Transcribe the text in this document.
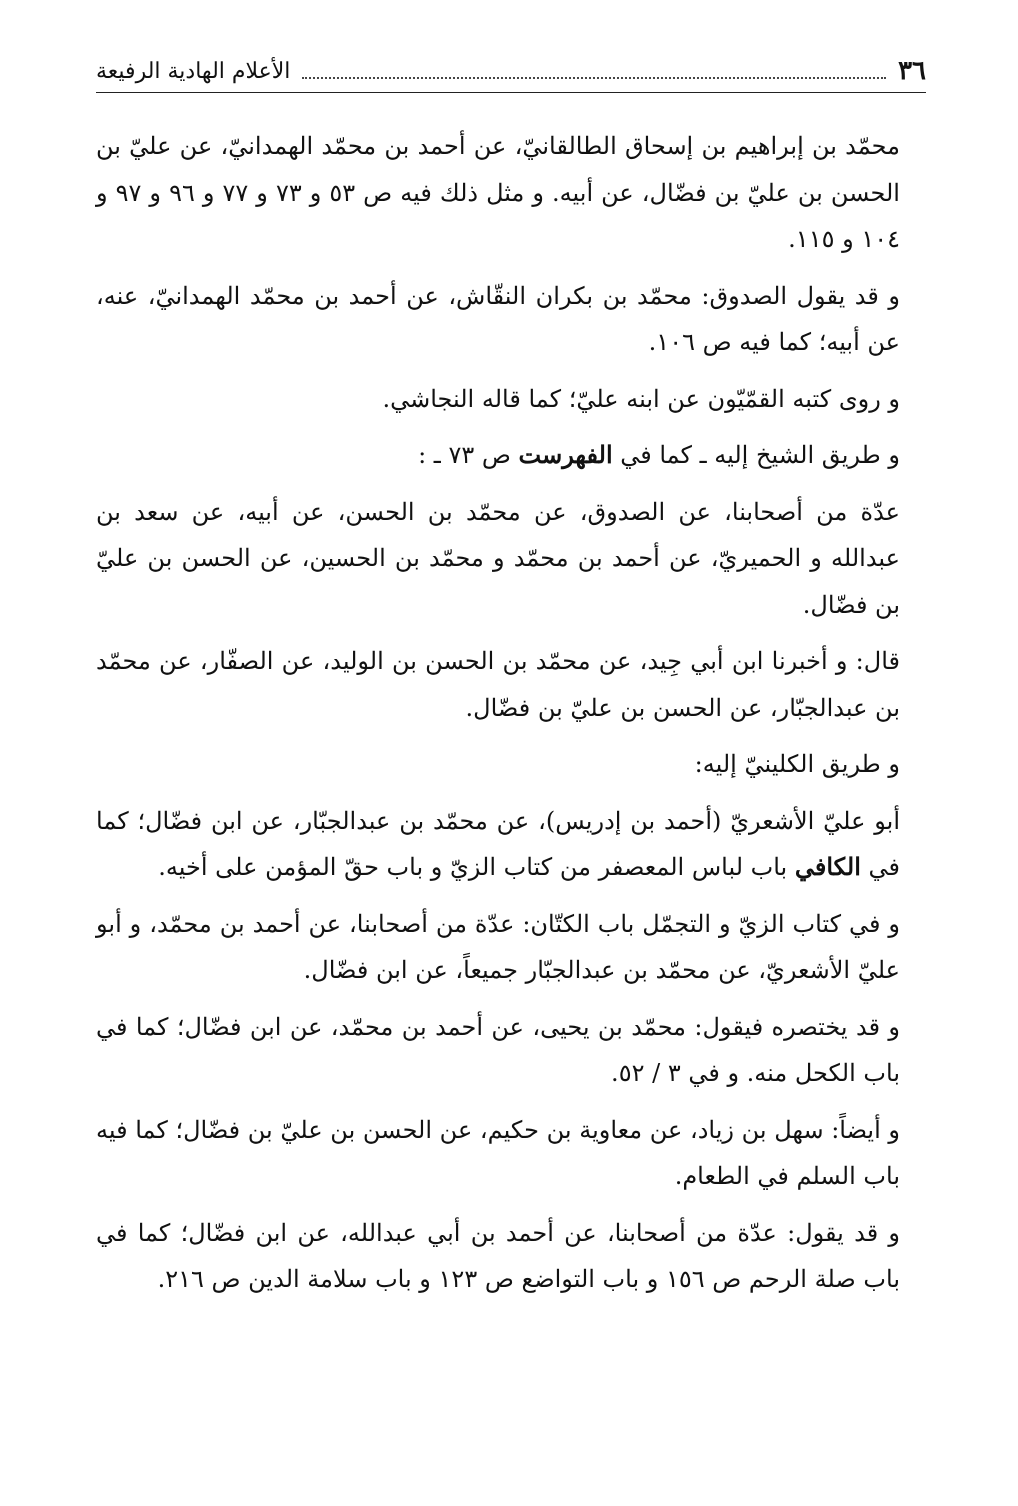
٣٦
الأعلام الهادية الرفيعة

محمّد بن إبراهيم بن إسحاق الطالقانيّ، عن أحمد بن محمّد الهمدانيّ، عن عليّ بن الحسن بن عليّ بن فضّال، عن أبيه. و مثل ذلك فيه ص ٥٣ و ٧٣ و ٧٧ و ٩٦ و ٩٧ و ١٠٤ و ١١٥.

و قد يقول الصدوق: محمّد بن بكران النقّاش، عن أحمد بن محمّد الهمدانيّ، عنه، عن أبيه؛ كما فيه ص ١٠٦.

و روى كتبه القمّيّون عن ابنه عليّ؛ كما قاله النجاشي.

و طريق الشيخ إليه ـ كما في الفهرست ص ٧٣ ـ :

عدّة من أصحابنا، عن الصدوق، عن محمّد بن الحسن، عن أبيه، عن سعد بن عبدالله و الحميريّ، عن أحمد بن محمّد و محمّد بن الحسين، عن الحسن بن عليّ بن فضّال.

قال: و أخبرنا ابن أبي جِيد، عن محمّد بن الحسن بن الوليد، عن الصفّار، عن محمّد بن عبدالجبّار، عن الحسن بن عليّ بن فضّال.

و طريق الكلينيّ إليه:

أبو عليّ الأشعريّ (أحمد بن إدريس)، عن محمّد بن عبدالجبّار، عن ابن فضّال؛ كما في الكافي باب لباس المعصفر من كتاب الزيّ و باب حقّ المؤمن على أخيه.

و في كتاب الزيّ و التجمّل باب الكتّان: عدّة من أصحابنا، عن أحمد بن محمّد، و أبو عليّ الأشعريّ، عن محمّد بن عبدالجبّار جميعاً، عن ابن فضّال.

و قد يختصره فيقول: محمّد بن يحيى، عن أحمد بن محمّد، عن ابن فضّال؛ كما في باب الكحل منه. و في ٣ / ٥٢.

و أيضاً: سهل بن زياد، عن معاوية بن حكيم، عن الحسن بن عليّ بن فضّال؛ كما فيه باب السلم في الطعام.

و قد يقول: عدّة من أصحابنا، عن أحمد بن أبي عبدالله، عن ابن فضّال؛ كما في باب صلة الرحم ص ١٥٦ و باب التواضع ص ١٢٣ و باب سلامة الدين ص ٢١٦.
